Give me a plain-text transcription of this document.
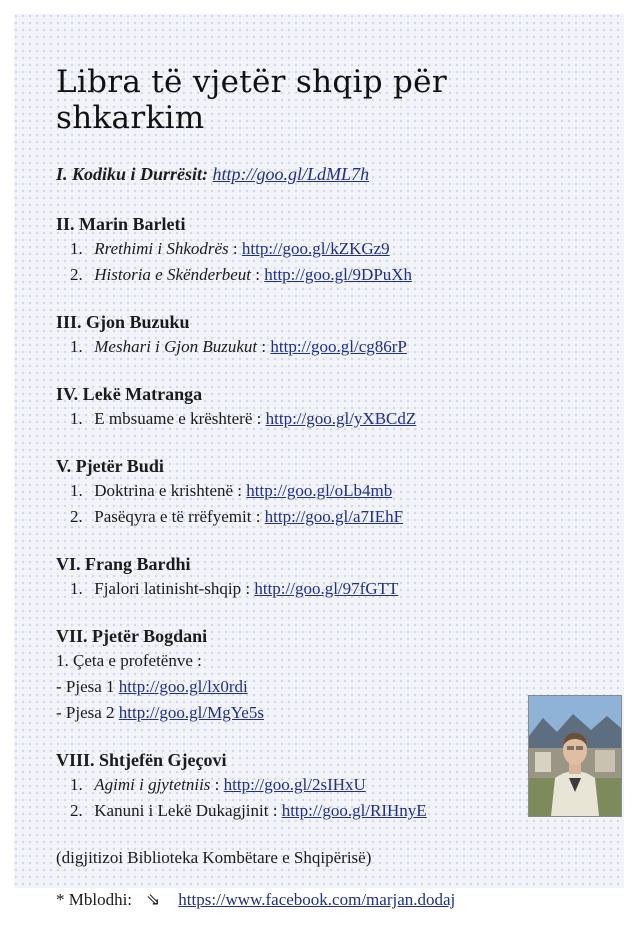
Libra të vjetër shqip për shkarkim

I. Kodiku i Durrësit: http://goo.gl/LdML7h

II. Marin Barleti

1. Rrethimi i Shkodrës : http://goo.gl/kZKGz9

2. Historia e Skënderbeut : http://goo.gl/9DPuXh

III. Gjon Buzuku

1. Meshari i Gjon Buzukut : http://goo.gl/cg86rP

IV. Lekë Matranga

1. E mbsuame e krështerë : http://goo.gl/yXBCdZ

V. Pjetër Budi

1. Doktrina e krishtenë : http://goo.gl/oLb4mb

2. Pasëqyra e të rrëfyemit : http://goo.gl/a7IEhF

VI. Frang Bardhi

1. Fjalori latinisht-shqip : http://goo.gl/97fGTT

VII. Pjetër Bogdani

1. Çeta e profetënve :

- Pjesa 1 http://goo.gl/lx0rdi

- Pjesa 2 http://goo.gl/MgYe5s

VIII. Shtjefën Gjeçovi

1. Agimi i gjytetniis : http://goo.gl/2sIHxU

2. Kanuni i Lekë Dukagjinit : http://goo.gl/RIHnyE

(digjitizoi Biblioteka Kombëtare e Shqipërisë)

* Mblodhi: ⇘ https://www.facebook.com/marjan.dodaj
